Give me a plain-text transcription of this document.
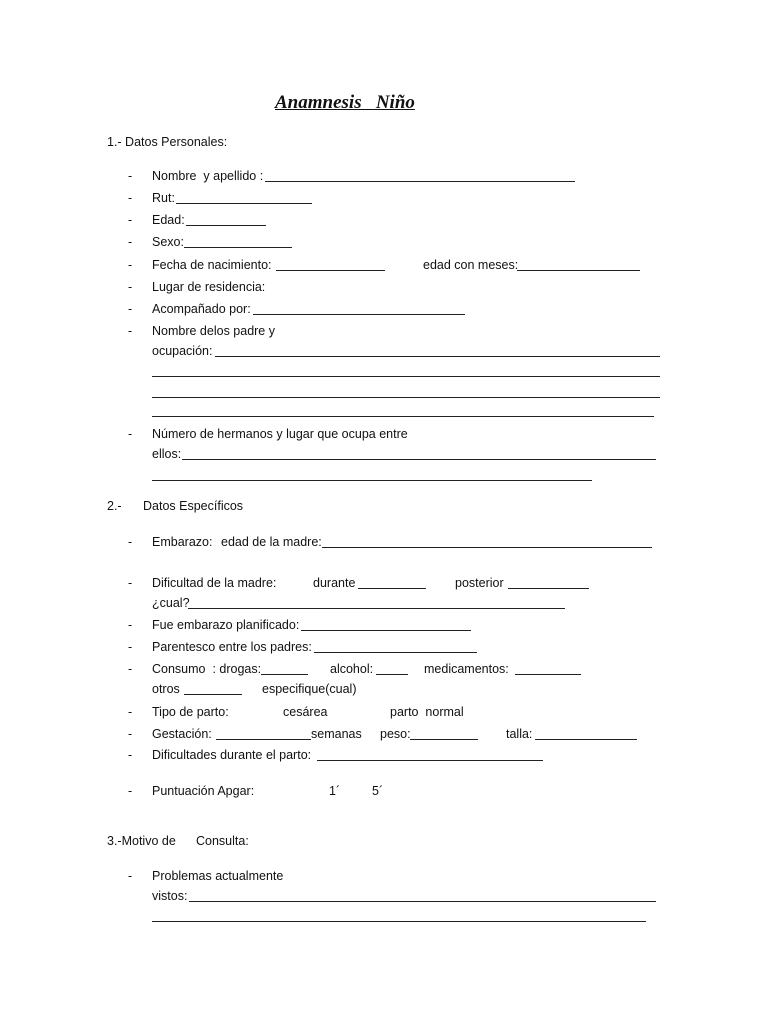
Anamnesis   Niño
1.- Datos Personales:
- Nombre  y apellido :
- Rut:
- Edad:
- Sexo:
- Fecha de nacimiento:	edad con meses:
- Lugar de residencia:
- Acompañado por:
- Nombre delos padre y
ocupación:
- Número de hermanos y lugar que ocupa entre
ellos:
2.- Datos Específicos
- Embarazo: edad de la madre:
- Dificultad de la madre:	durante	posterior
¿cual?
- Fue embarazo planificado:
- Parentesco entre los padres:
- Consumo  : drogas:	alcohol:	medicamentos:
otros	especifique(cual)
- Tipo de parto:	cesárea	parto  normal
- Gestación:	semanas peso:	talla:
- Dificultades durante el parto:
- Puntuación Apgar:	1´	5´
3.-Motivo de Consulta:
- Problemas actualmente
vistos:
